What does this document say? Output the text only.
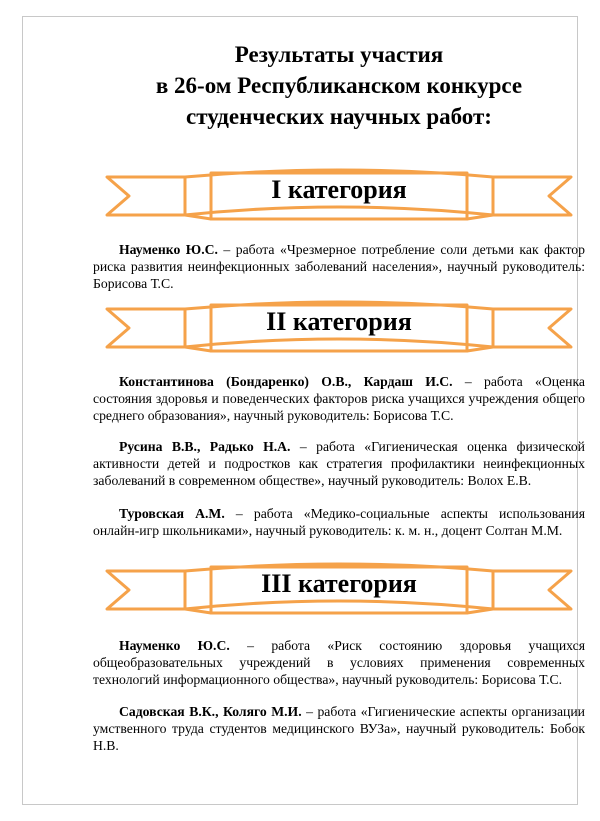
Результаты участия
в 26-ом Республиканском конкурсе
студенческих научных работ:
I категория
Науменко Ю.С. – работа «Чрезмерное потребление соли детьми как фактор риска развития неинфекционных заболеваний населения», научный руководитель: Борисова Т.С.
II категория
Константинова (Бондаренко) О.В., Кардаш И.С. – работа «Оценка состояния здоровья и поведенческих факторов риска учащихся учреждения общего среднего образования», научный руководитель: Борисова Т.С.
Русина В.В., Радько Н.А. – работа «Гигиеническая оценка физической активности детей и подростков как стратегия профилактики неинфекционных заболеваний в современном обществе», научный руководитель: Волох Е.В.
Туровская А.М. – работа «Медико-социальные аспекты использования онлайн-игр школьниками», научный руководитель: к. м. н., доцент Солтан М.М.
III категория
Науменко Ю.С. – работа «Риск состоянию здоровья учащихся общеобразовательных учреждений в условиях применения современных технологий информационного общества», научный руководитель: Борисова Т.С.
Садовская В.К., Коляго М.И. – работа «Гигиенические аспекты организации умственного труда студентов медицинского ВУЗа», научный руководитель: Бобок Н.В.
